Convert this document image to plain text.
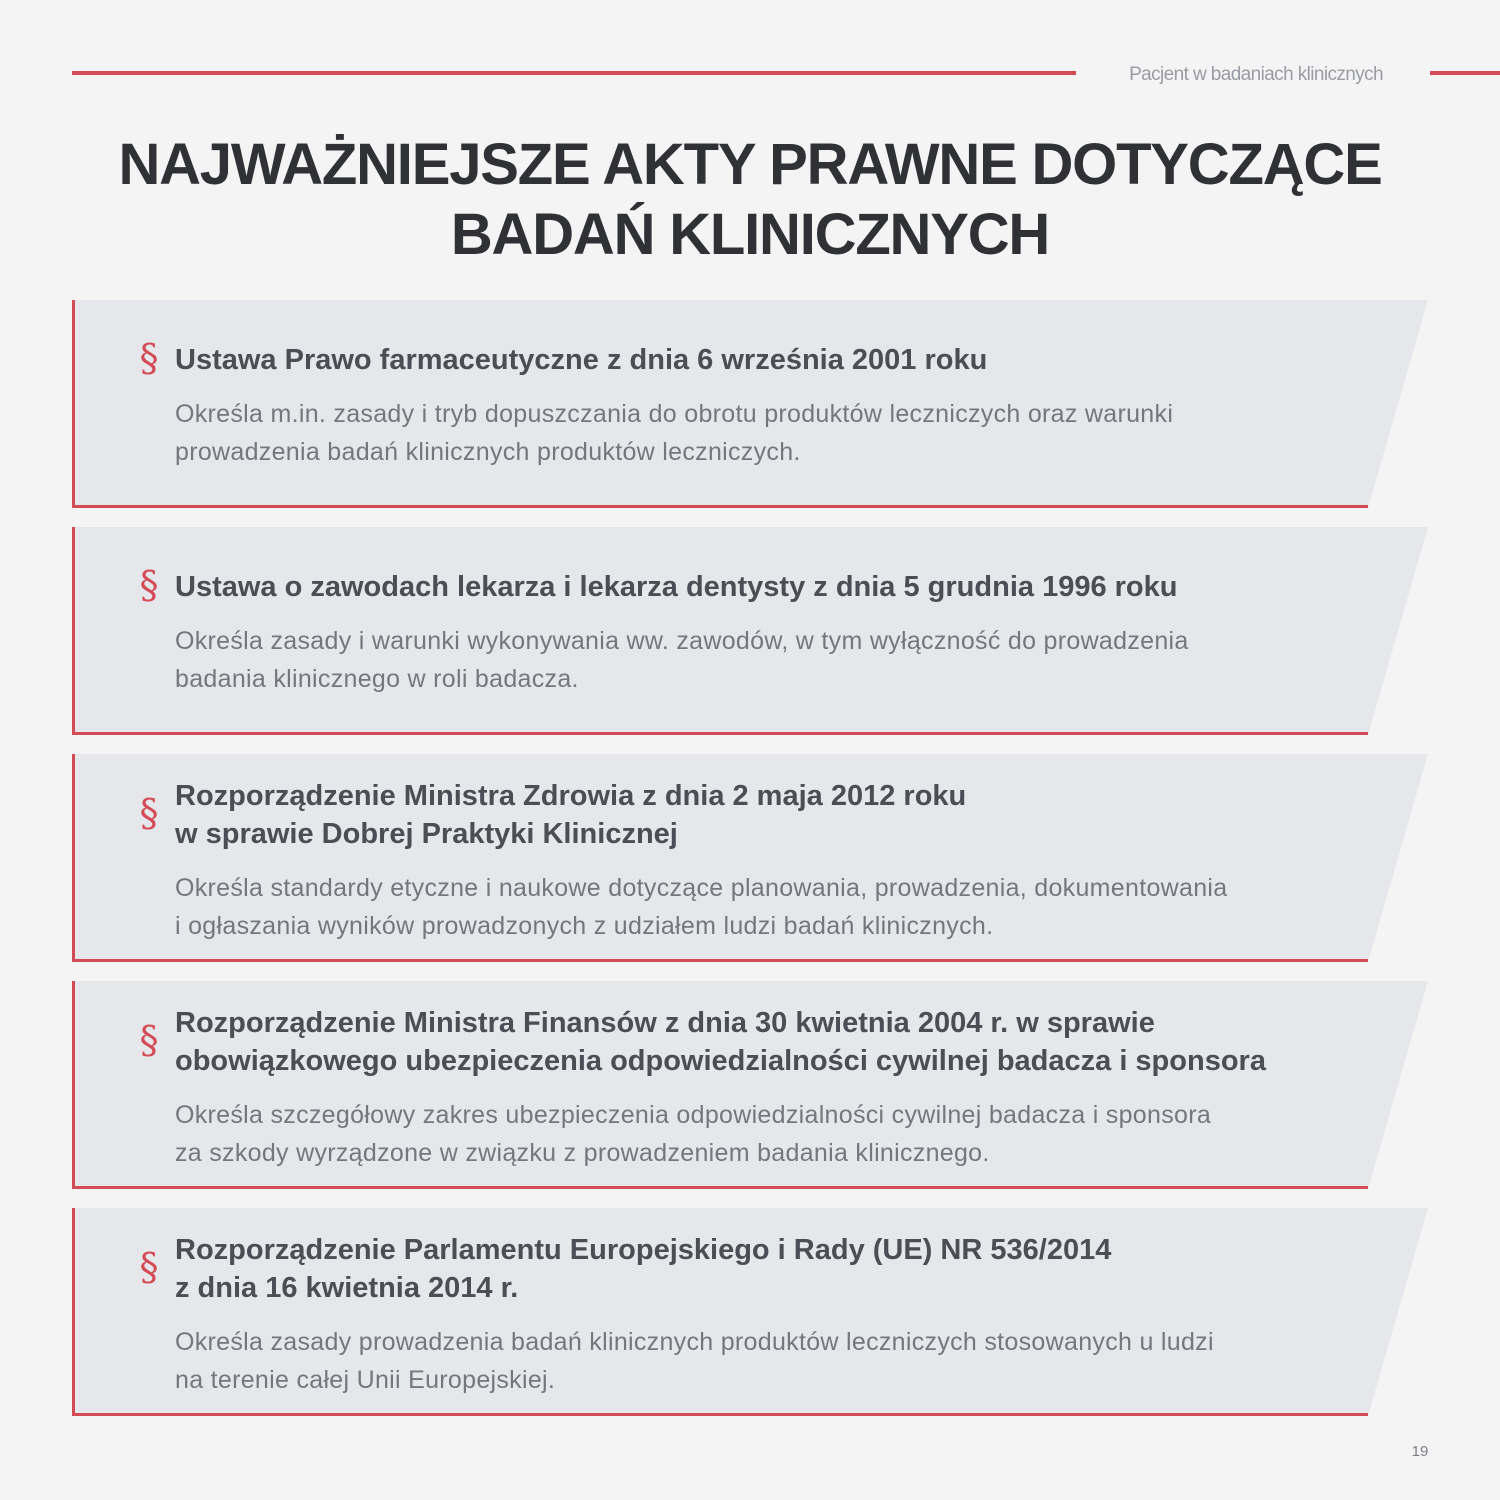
Pacjent w badaniach klinicznych
NAJWAŻNIEJSZE AKTY PRAWNE DOTYCZĄCE
BADAŃ KLINICZNYCH
§ Ustawa Prawo farmaceutyczne z dnia 6 września 2001 roku

Określa m.in. zasady i tryb dopuszczania do obrotu produktów leczniczych oraz warunki
prowadzenia badań klinicznych produktów leczniczych.

§ Ustawa o zawodach lekarza i lekarza dentysty z dnia 5 grudnia 1996 roku

Określa zasady i warunki wykonywania ww. zawodów, w tym wyłączność do prowadzenia
badania klinicznego w roli badacza.

§ Rozporządzenie Ministra Zdrowia z dnia 2 maja 2012 roku
w sprawie Dobrej Praktyki Klinicznej

Określa standardy etyczne i naukowe dotyczące planowania, prowadzenia, dokumentowania
i ogłaszania wyników prowadzonych z udziałem ludzi badań klinicznych.

§ Rozporządzenie Ministra Finansów z dnia 30 kwietnia 2004 r. w sprawie
obowiązkowego ubezpieczenia odpowiedzialności cywilnej badacza i sponsora

Określa szczegółowy zakres ubezpieczenia odpowiedzialności cywilnej badacza i sponsora
za szkody wyrządzone w związku z prowadzeniem badania klinicznego.

§ Rozporządzenie Parlamentu Europejskiego i Rady (UE) NR 536/2014
z dnia 16 kwietnia 2014 r.

Określa zasady prowadzenia badań klinicznych produktów leczniczych stosowanych u ludzi
na terenie całej Unii Europejskiej.

19
